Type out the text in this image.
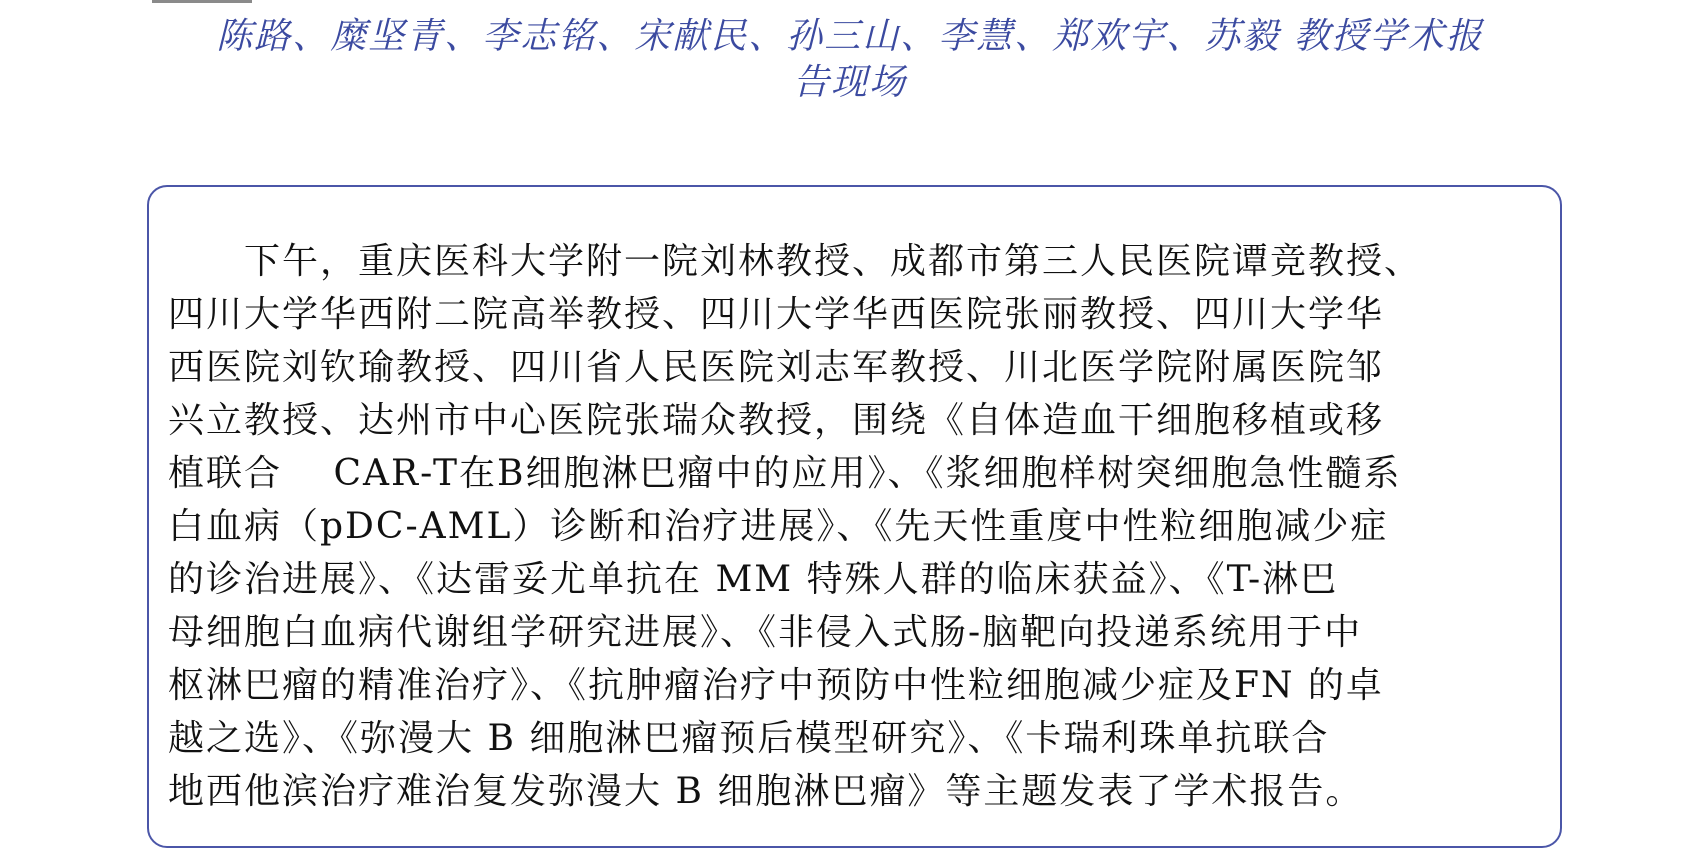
陈路、糜坚青、李志铭、宋献民、孙三山、李慧、郑欢宇、苏毅 教授学术报
告现场
　　下午，重庆医科大学附一院刘林教授、成都市第三人民医院谭竞教授、
四川大学华西附二院高举教授、四川大学华西医院张丽教授、四川大学华
西医院刘钦瑜教授、四川省人民医院刘志军教授、川北医学院附属医院邹
兴立教授、达州市中心医院张瑞众教授，围绕《自体造血干细胞移植或移
植联合　 CAR-T在B细胞淋巴瘤中的应用》、《浆细胞样树突细胞急性髓系
白血病（pDC-AML）诊断和治疗进展》、《先天性重度中性粒细胞减少症
的诊治进展》、《达雷妥尤单抗在 MM 特殊人群的临床获益》、《T-淋巴
母细胞白血病代谢组学研究进展》、《非侵入式肠-脑靶向投递系统用于中
枢淋巴瘤的精准治疗》、《抗肿瘤治疗中预防中性粒细胞减少症及FN 的卓
越之选》、《弥漫大 B 细胞淋巴瘤预后模型研究》、《卡瑞利珠单抗联合
地西他滨治疗难治复发弥漫大 B 细胞淋巴瘤》等主题发表了学术报告。
